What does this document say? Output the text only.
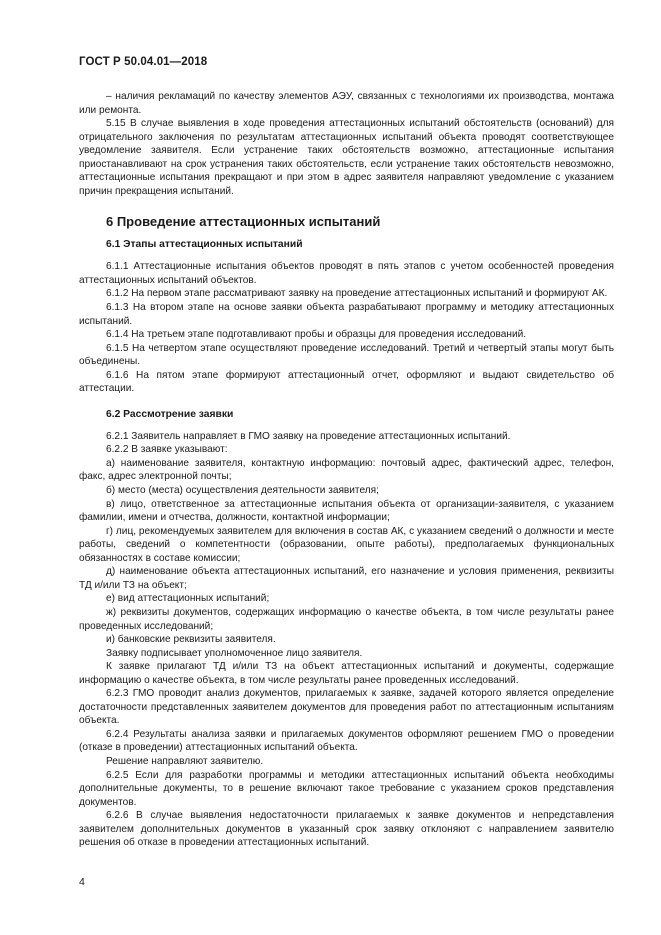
ГОСТ Р 50.04.01—2018

– наличия рекламаций по качеству элементов АЭУ, связанных с технологиями их производства, монтажа или ремонта.

5.15 В случае выявления в ходе проведения аттестационных испытаний обстоятельств (оснований) для отрицательного заключения по результатам аттестационных испытаний объекта проводят соответствующее уведомление заявителя. Если устранение таких обстоятельств возможно, аттестационные испытания приостанавливают на срок устранения таких обстоятельств, если устранение таких обстоятельств невозможно, аттестационные испытания прекращают и при этом в адрес заявителя направляют уведомление с указанием причин прекращения испытаний.

6 Проведение аттестационных испытаний
6.1 Этапы аттестационных испытаний

6.1.1 Аттестационные испытания объектов проводят в пять этапов с учетом особенностей проведения аттестационных испытаний объектов.

6.1.2 На первом этапе рассматривают заявку на проведение аттестационных испытаний и формируют АК.

6.1.3 На втором этапе на основе заявки объекта разрабатывают программу и методику аттестационных испытаний.

6.1.4 На третьем этапе подготавливают пробы и образцы для проведения исследований.

6.1.5 На четвертом этапе осуществляют проведение исследований. Третий и четвертый этапы могут быть объединены.

6.1.6 На пятом этапе формируют аттестационный отчет, оформляют и выдают свидетельство об аттестации.

6.2 Рассмотрение заявки

6.2.1 Заявитель направляет в ГМО заявку на проведение аттестационных испытаний.

6.2.2 В заявке указывают:

а) наименование заявителя, контактную информацию: почтовый адрес, фактический адрес, телефон, факс, адрес электронной почты;

б) место (места) осуществления деятельности заявителя;

в) лицо, ответственное за аттестационные испытания объекта от организации-заявителя, с указанием фамилии, имени и отчества, должности, контактной информации;

г) лиц, рекомендуемых заявителем для включения в состав АК, с указанием сведений о должности и месте работы, сведений о компетентности (образовании, опыте работы), предполагаемых функциональных обязанностях в составе комиссии;

д) наименование объекта аттестационных испытаний, его назначение и условия применения, реквизиты ТД и/или ТЗ на объект;

е) вид аттестационных испытаний;

ж) реквизиты документов, содержащих информацию о качестве объекта, в том числе результаты ранее проведенных исследований;

и) банковские реквизиты заявителя.

Заявку подписывает уполномоченное лицо заявителя.

К заявке прилагают ТД и/или ТЗ на объект аттестационных испытаний и документы, содержащие информацию о качестве объекта, в том числе результаты ранее проведенных исследований.

6.2.3 ГМО проводит анализ документов, прилагаемых к заявке, задачей которого является определение достаточности представленных заявителем документов для проведения работ по аттестационным испытаниям объекта.

6.2.4 Результаты анализа заявки и прилагаемых документов оформляют решением ГМО о проведении (отказе в проведении) аттестационных испытаний объекта.

Решение направляют заявителю.

6.2.5 Если для разработки программы и методики аттестационных испытаний объекта необходимы дополнительные документы, то в решение включают такое требование с указанием сроков представления документов.

6.2.6 В случае выявления недостаточности прилагаемых к заявке документов и непредставления заявителем дополнительных документов в указанный срок заявку отклоняют с направлением заявителю решения об отказе в проведении аттестационных испытаний.

4
